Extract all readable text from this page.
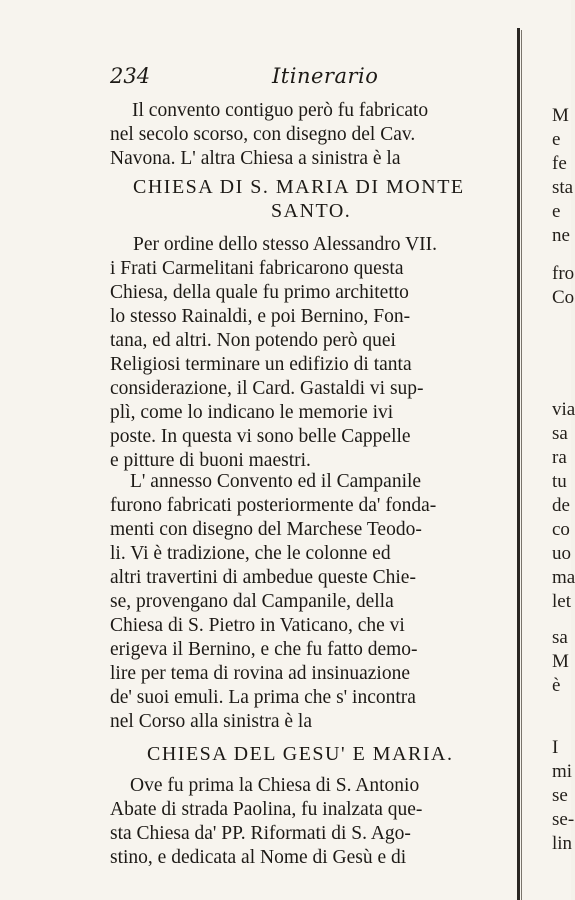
234	Itinerario
Il convento contiguo però fu fabricato
nel secolo scorso, con disegno del Cav.
Navona. L' altra Chiesa a sinistra è la
CHIESA DI S. MARIA DI MONTE
SANTO.
Per ordine dello stesso Alessandro VII.
i Frati Carmelitani fabricarono questa
Chiesa, della quale fu primo architetto
lo stesso Rainaldi, e poi Bernino, Fon-
tana, ed altri. Non potendo però quei
Religiosi terminare un edifizio di tanta
considerazione, il Card. Gastaldi vi sup-
plì, come lo indicano le memorie ivi
poste. In questa vi sono belle Cappelle
e pitture di buoni maestri.
L' annesso Convento ed il Campanile
furono fabricati posteriormente da' fonda-
menti con disegno del Marchese Teodo-
li. Vi è tradizione, che le colonne ed
altri travertini di ambedue queste Chie-
se, provengano dal Campanile, della
Chiesa di S. Pietro in Vaticano, che vi
erigeva il Bernino, e che fu fatto demo-
lire per tema di rovina ad insinuazione
de' suoi emuli. La prima che s' incontra
nel Corso alla sinistra è la
CHIESA DEL GESU' E MARIA.
Ove fu prima la Chiesa di S. Antonio
Abate di strada Paolina, fu inalzata que-
sta Chiesa da' PP. Riformati di S. Ago-
stino, e dedicata al Nome di Gesù e di
M
e
fe
sta
e
ne
fro
Co
via
sa
ra
tu
de
co
uo
ma
let
sa
M
è
I
mi
se
se-
lin
